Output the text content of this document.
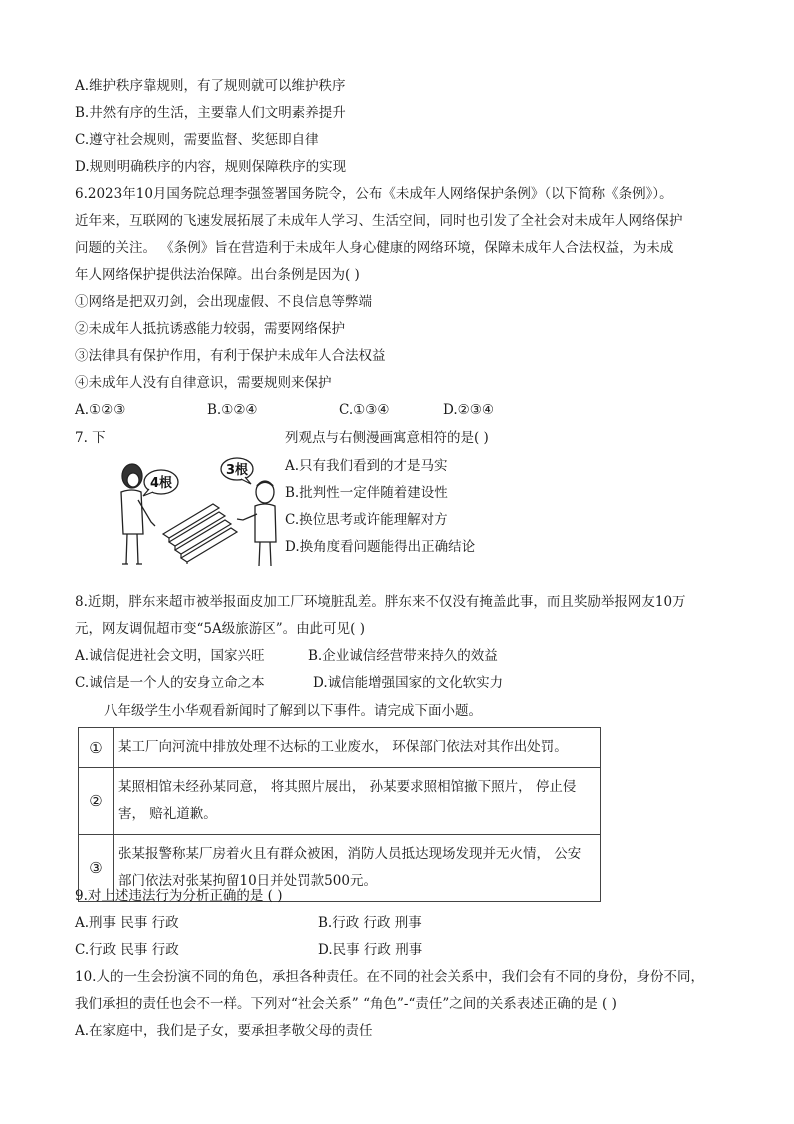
A.维护秩序靠规则，有了规则就可以维护秩序
B.井然有序的生活，主要靠人们文明素养提升
C.遵守社会规则，需要监督、奖惩即自律
D.规则明确秩序的内容，规则保障秩序的实现
6.2023年10月国务院总理李强签署国务院令，公布《未成年人网络保护条例》（以下简称《条例》）。
近年来，互联网的飞速发展拓展了未成年人学习、生活空间，同时也引发了全社会对未成年人网络保护
问题的关注。 《条例》旨在营造利于未成年人身心健康的网络环境，保障未成年人合法权益，为未成
年人网络保护提供法治保障。出台条例是因为( )
①网络是把双刃剑，会出现虚假、不良信息等弊端
②未成年人抵抗诱惑能力较弱，需要网络保护
③法律具有保护作用，有利于保护未成年人合法权益
④未成年人没有自律意识，需要规则来保护
A.①②③	B.①②④	C.①③④	D.②③④
7. 下	列观点与右侧漫画寓意相符的是( )
4根
3根	A.只有我们看到的才是马实
B.批判性一定伴随着建设性
C.换位思考或许能理解对方
D.换角度看问题能得出正确结论
8.近期，胖东来超市被举报面皮加工厂环境脏乱差。胖东来不仅没有掩盖此事，而且奖励举报网友10万
元，网友调侃超市变“5A级旅游区”。由此可见( )
A.诚信促进社会文明，国家兴旺	B.企业诚信经营带来持久的效益
C.诚信是一个人的安身立命之本	D.诚信能增强国家的文化软实力
八年级学生小华观看新闻时了解到以下事件。请完成下面小题。
①	某工厂向河流中排放处理不达标的工业废水， 环保部门依法对其作出处罚。
②	某照相馆未经孙某同意， 将其照片展出， 孙某要求照相馆撤下照片， 停止侵害， 赔礼道歉。
③	张某报警称某厂房着火且有群众被困，消防人员抵达现场发现并无火情， 公安部门依法对张某拘留10日并处罚款500元。
9.对上述违法行为分析正确的是 ( )
A.刑事 民事 行政	B.行政 行政 刑事
C.行政 民事 行政	D.民事 行政 刑事
10.人的一生会扮演不同的角色，承担各种责任。在不同的社会关系中，我们会有不同的身份，身份不同，
我们承担的责任也会不一样。下列对“社会关系” “角色”-“责任”之间的关系表述正确的是 ( )
A.在家庭中，我们是子女，要承担孝敬父母的责任
